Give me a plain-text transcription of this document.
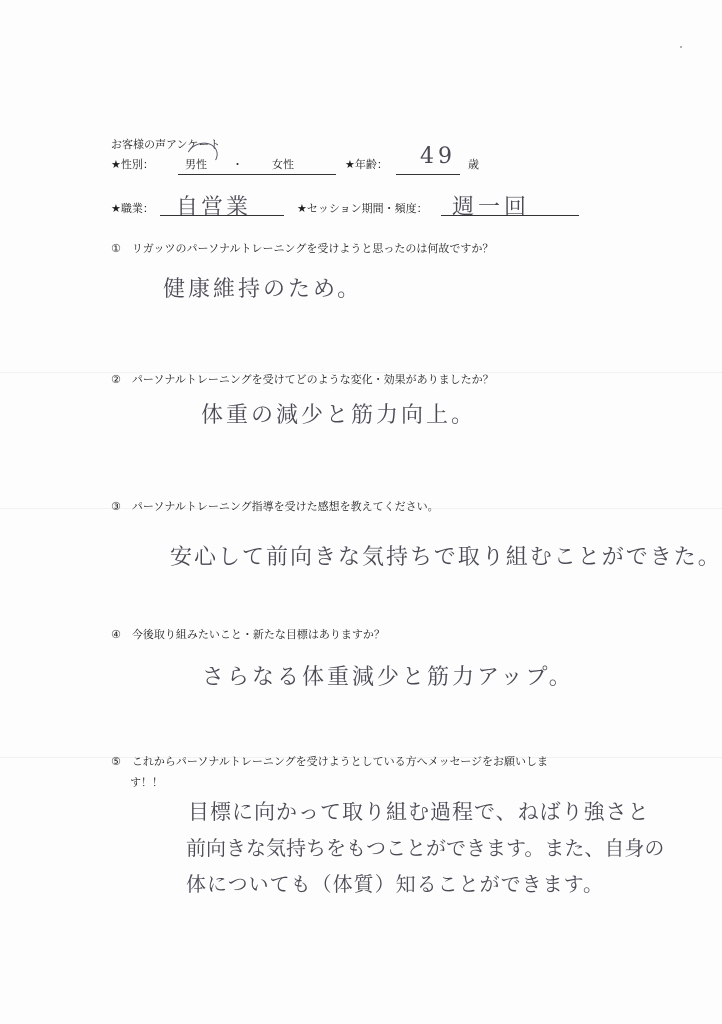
お客様の声アンケート
★性別：	男性 ・	女性	★年齢： 49 歳
★職業： 自営業	★セッション期間・頻度： 週一回
①　リガッツのパーソナルトレーニングを受けようと思ったのは何故ですか？
健康維持のため。
②　パーソナルトレーニングを受けてどのような変化・効果がありましたか？
体重の減少と筋力向上。
③　パーソナルトレーニング指導を受けた感想を教えてください。
安心して前向きな気持ちで取り組むことができた。
④　今後取り組みたいこと・新たな目標はありますか？
さらなる体重減少と筋力アップ。
⑤　これからパーソナルトレーニングを受けようとしている方へメッセージをお願いしま
す！！
目標に向かって取り組む過程で、ねばり強さと
前向きな気持ちをもつことができます。また、自身の
体についても（体質）知ることができます。
